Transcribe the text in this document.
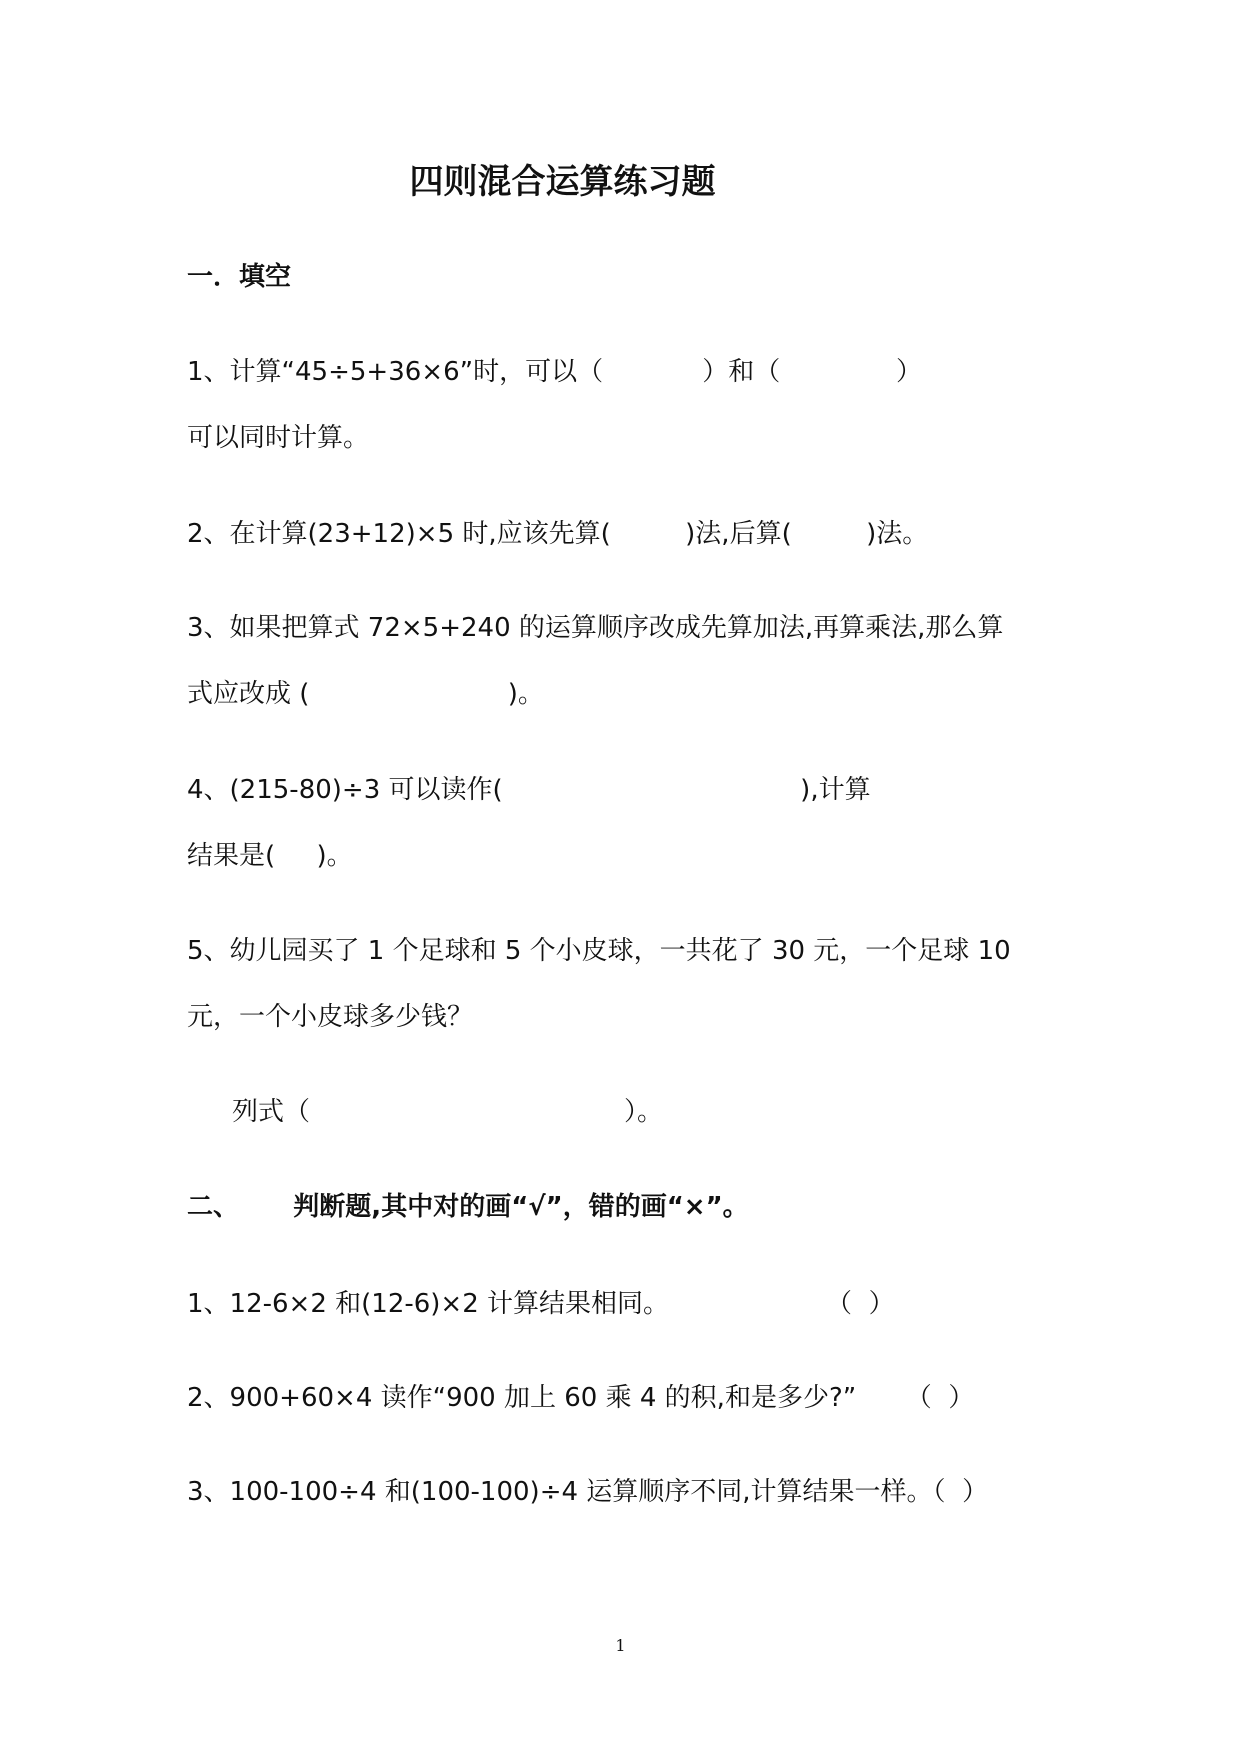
四则混合运算练习题
一．填空
1、计算“45÷5+36×6”时，可以（            ）和（              ）
可以同时计算。
2、在计算(23+12)×5 时,应该先算(         )法,后算(         )法。
3、如果把算式 72×5+240 的运算顺序改成先算加法,再算乘法,那么算
式应改成 (                        )。
4、(215-80)÷3 可以读作(                                    ),计算
结果是(     )。
5、幼儿园买了 1 个足球和 5 个小皮球，一共花了 30 元，一个足球 10
元，一个小皮球多少钱？
列式（                                      ）。
二、      判断题,其中对的画“√”，错的画“×”。
1、12-6×2 和(12-6)×2 计算结果相同。                   （  ）
2、900+60×4 读作“900 加上 60 乘 4 的积,和是多少?”      （  ）
3、100-100÷4 和(100-100)÷4 运算顺序不同,计算结果一样。（  ）
1
